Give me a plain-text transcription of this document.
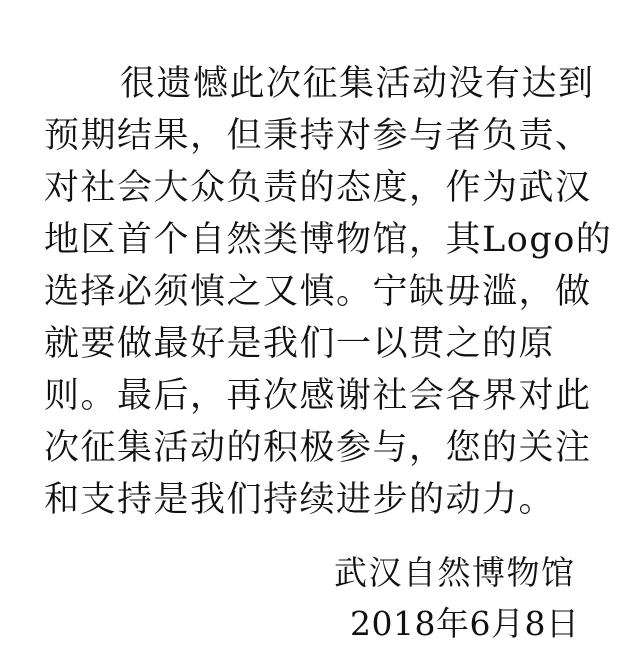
很遗憾此次征集活动没有达到
预期结果，但秉持对参与者负责、
对社会大众负责的态度，作为武汉
地区首个自然类博物馆，其Logo的
选择必须慎之又慎。宁缺毋滥，做
就要做最好是我们一以贯之的原
则。最后，再次感谢社会各界对此
次征集活动的积极参与，您的关注
和支持是我们持续进步的动力。
武汉自然博物馆
2018年6月8日
